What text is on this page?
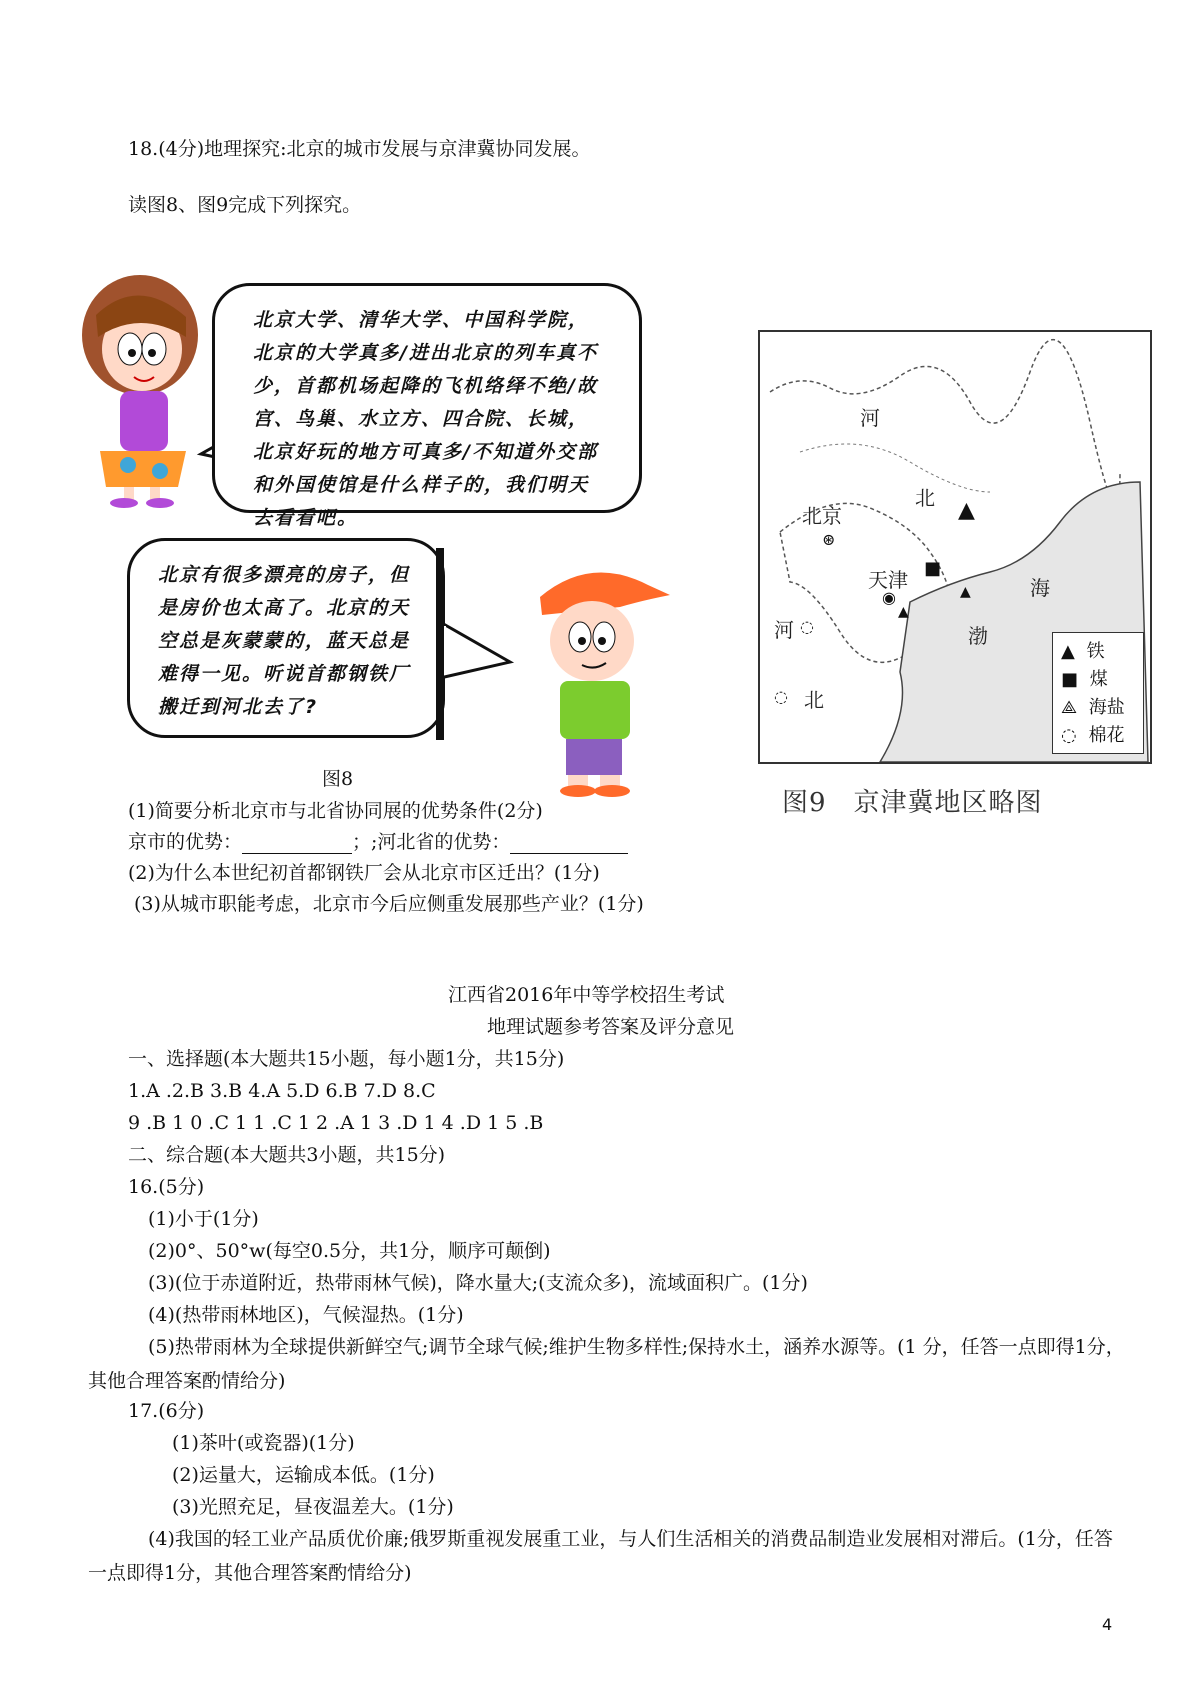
18.(4分)地理探究:北京的城市发展与京津冀协同发展。
读图8、图9完成下列探究。
北京大学、清华大学、中国科学院，北京的大学真多/进出北京的列车真不少，首都机场起降的飞机络绎不绝/故宫、鸟巢、水立方、四合院、长城，北京好玩的地方可真多/不知道外交部和外国使馆是什么样子的，我们明天去看看吧。
北京有很多漂亮的房子，但是房价也太高了。北京的天空总是灰蒙蒙的，蓝天总是难得一见。听说首都钢铁厂搬迁到河北去了?
图8
河
北
北京
⊛
天津
◉
▲
■
▲
▲
海
渤
河 ◌
◌ 北
▲ 铁
■ 煤
⟁ 海盐
◌ 棉花
图9　京津冀地区略图
(1)简要分析北京市与北省协同展的优势条件(2分)
京市的优势：	；;河北省的优势：
(2)为什么本世纪初首都钢铁厂会从北京市区迁出？(1分)
(3)从城市职能考虑，北京市今后应侧重发展那些产业？(1分)
江西省2016年中等学校招生考试
地理试题参考答案及评分意见
一、选择题(本大题共15小题，每小题1分，共15分)
1.A .2.B 3.B 4.A 5.D 6.B 7.D 8.C
9 .B 1 0 .C 1 1 .C 1 2 .A 1 3 .D 1 4 .D 1 5 .B
二、综合题(本大题共3小题，共15分)
16.(5分)
(1)小于(1分)
(2)0°、50°w(每空0.5分，共1分，顺序可颠倒)
(3)(位于赤道附近，热带雨林气候)，降水量大;(支流众多)，流域面积广。(1分)
(4)(热带雨林地区)，气候湿热。(1分)
(5)热带雨林为全球提供新鲜空气;调节全球气候;维护生物多样性;保持水土，涵养水源等。(1 分，任答一点即得1分，其他合理答案酌情给分)
17.(6分)
(1)茶叶(或瓷器)(1分)
(2)运量大，运输成本低。(1分)
(3)光照充足，昼夜温差大。(1分)
(4)我国的轻工业产品质优价廉;俄罗斯重视发展重工业，与人们生活相关的消费品制造业发展相对滞后。(1分，任答一点即得1分，其他合理答案酌情给分)
4
